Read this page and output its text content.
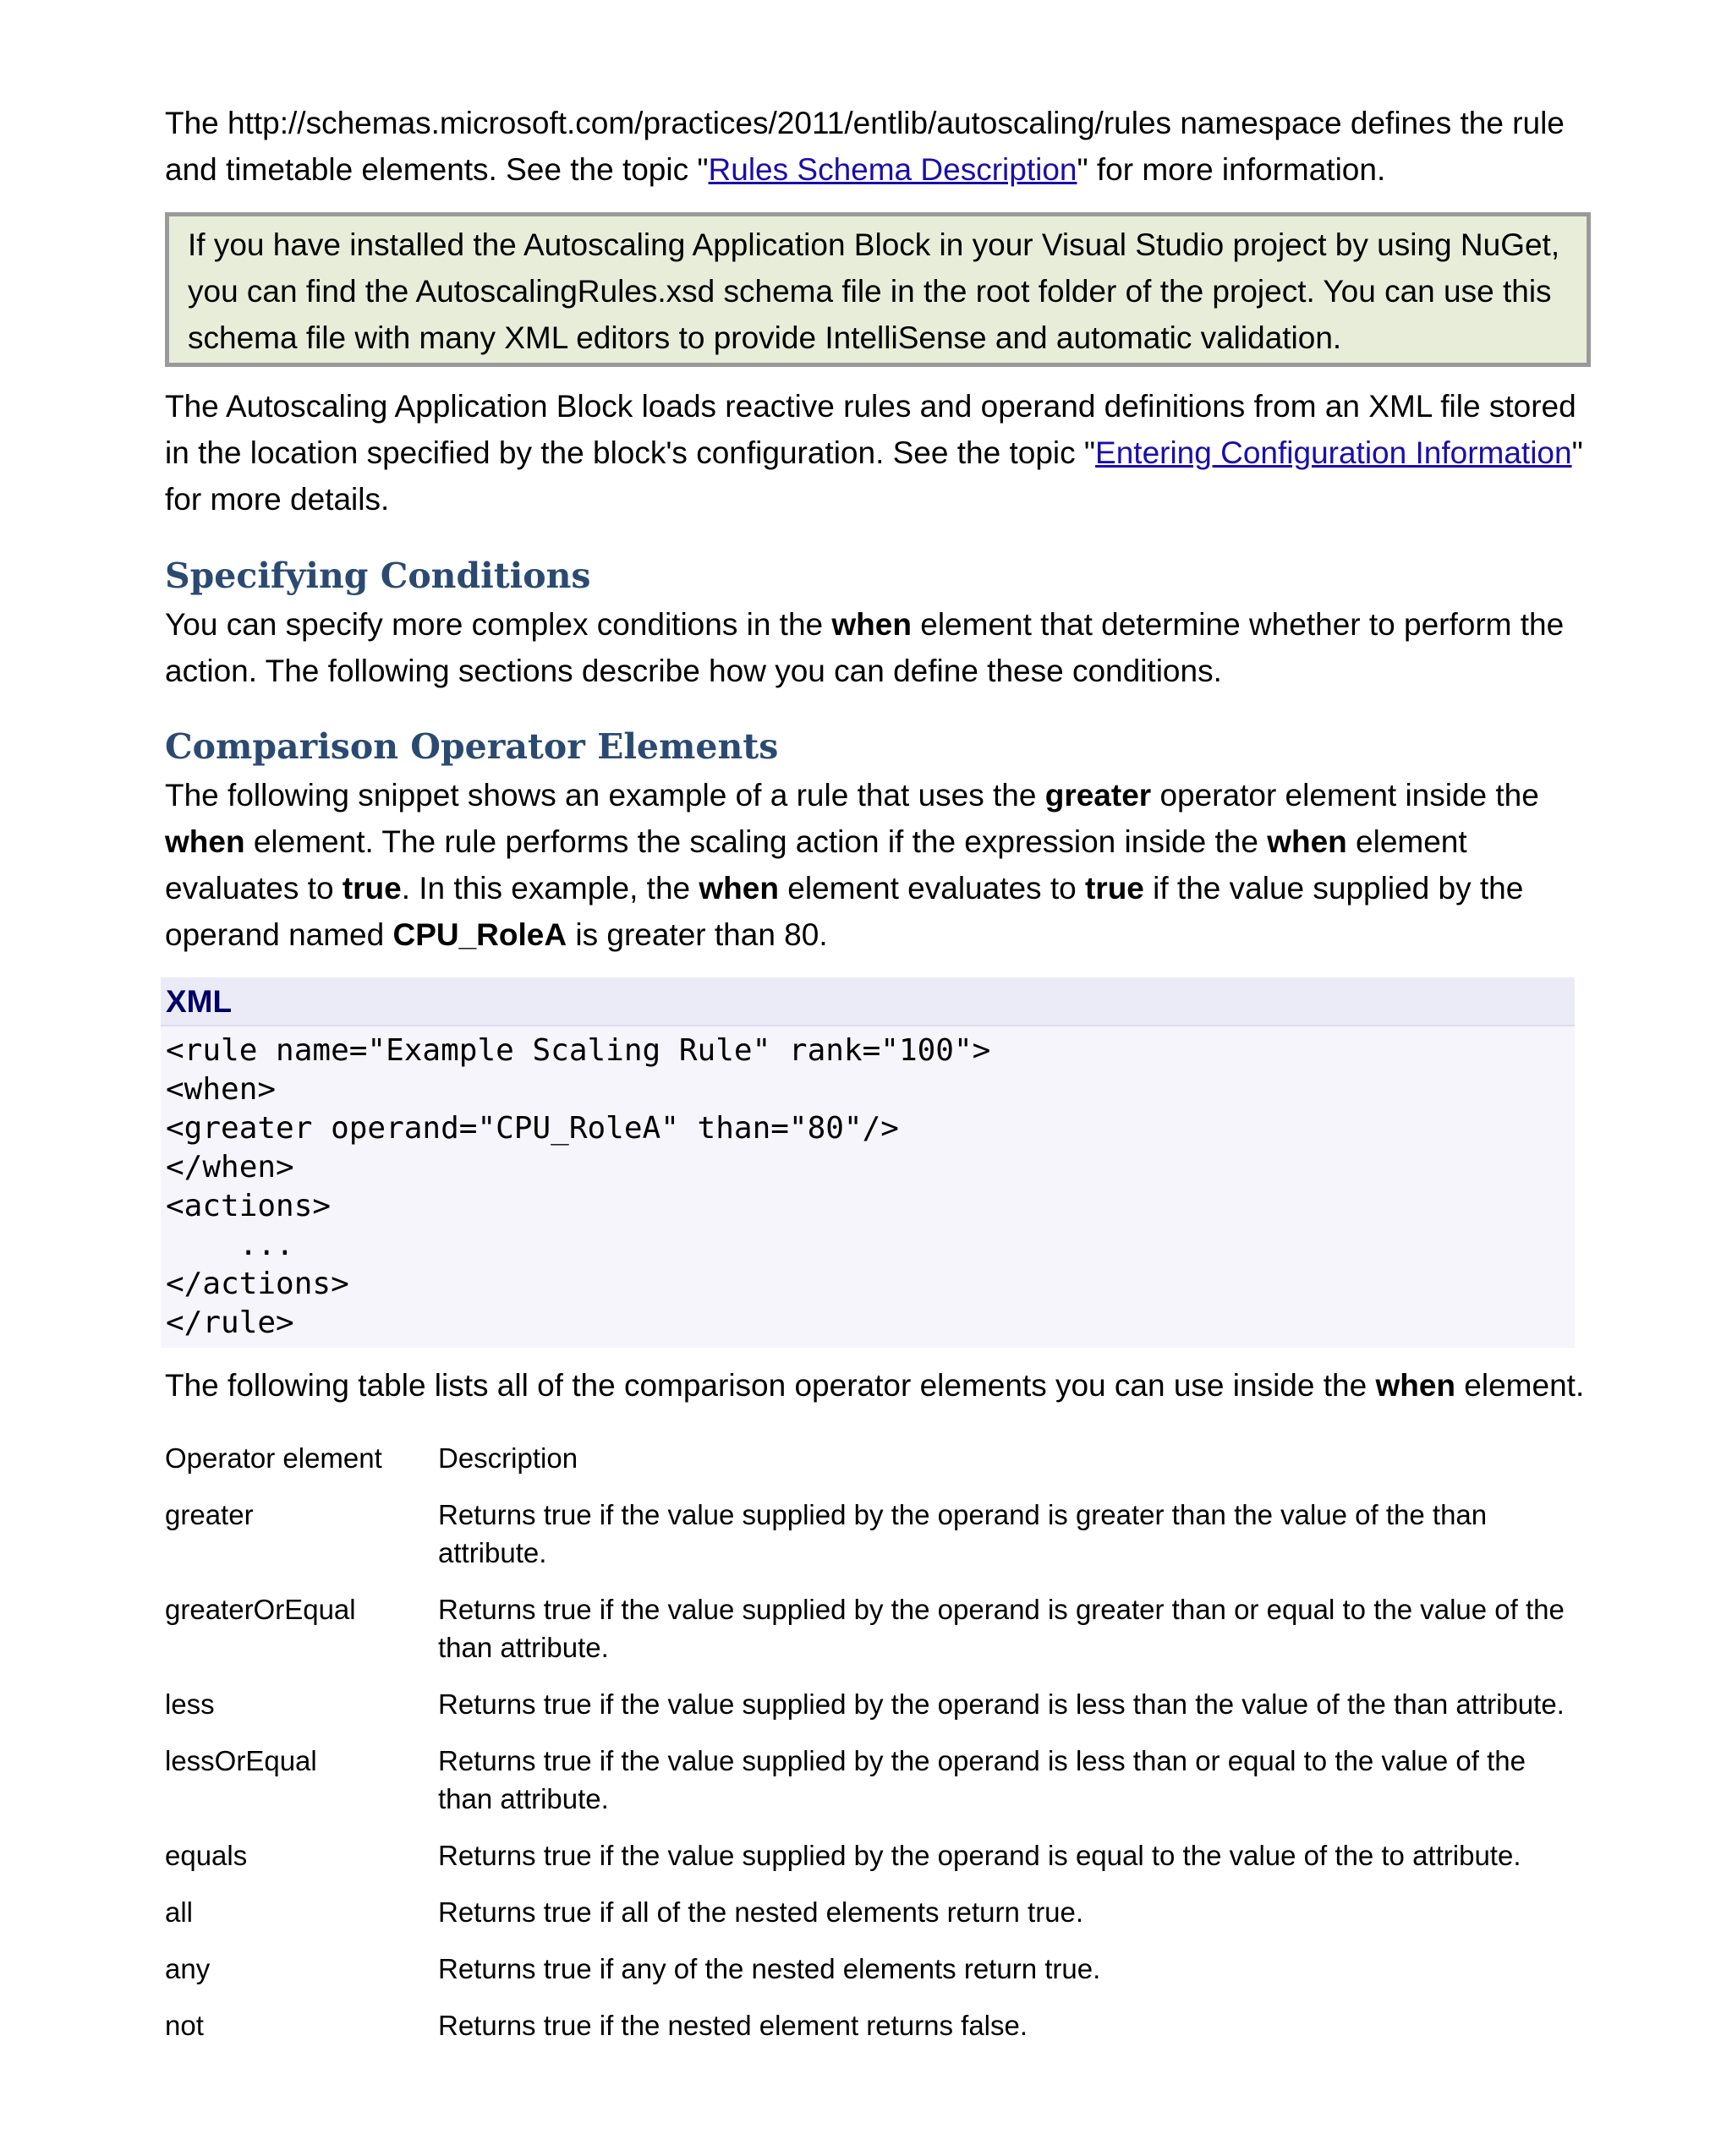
The http://schemas.microsoft.com/practices/2011/entlib/autoscaling/rules namespace defines the rule and timetable elements. See the topic "Rules Schema Description" for more information.

If you have installed the Autoscaling Application Block in your Visual Studio project by using NuGet, you can find the AutoscalingRules.xsd schema file in the root folder of the project. You can use this schema file with many XML editors to provide IntelliSense and automatic validation.

The Autoscaling Application Block loads reactive rules and operand definitions from an XML file stored in the location specified by the block's configuration. See the topic "Entering Configuration Information" for more details.

Specifying Conditions

You can specify more complex conditions in the when element that determine whether to perform the action. The following sections describe how you can define these conditions.

Comparison Operator Elements

The following snippet shows an example of a rule that uses the greater operator element inside the when element. The rule performs the scaling action if the expression inside the when element evaluates to true. In this example, the when element evaluates to true if the value supplied by the operand named CPU_RoleA is greater than 80.

XML
<rule name="Example Scaling Rule" rank="100">
<when>
<greater operand="CPU_RoleA" than="80"/>
</when>
<actions>
...
</actions>
</rule>

The following table lists all of the comparison operator elements you can use inside the when element.

Operator element	Description
greater	Returns true if the value supplied by the operand is greater than the value of the than attribute.
greaterOrEqual	Returns true if the value supplied by the operand is greater than or equal to the value of the than attribute.
less	Returns true if the value supplied by the operand is less than the value of the than attribute.
lessOrEqual	Returns true if the value supplied by the operand is less than or equal to the value of the than attribute.
equals	Returns true if the value supplied by the operand is equal to the value of the to attribute.
all	Returns true if all of the nested elements return true.
any	Returns true if any of the nested elements return true.
not	Returns true if the nested element returns false.
